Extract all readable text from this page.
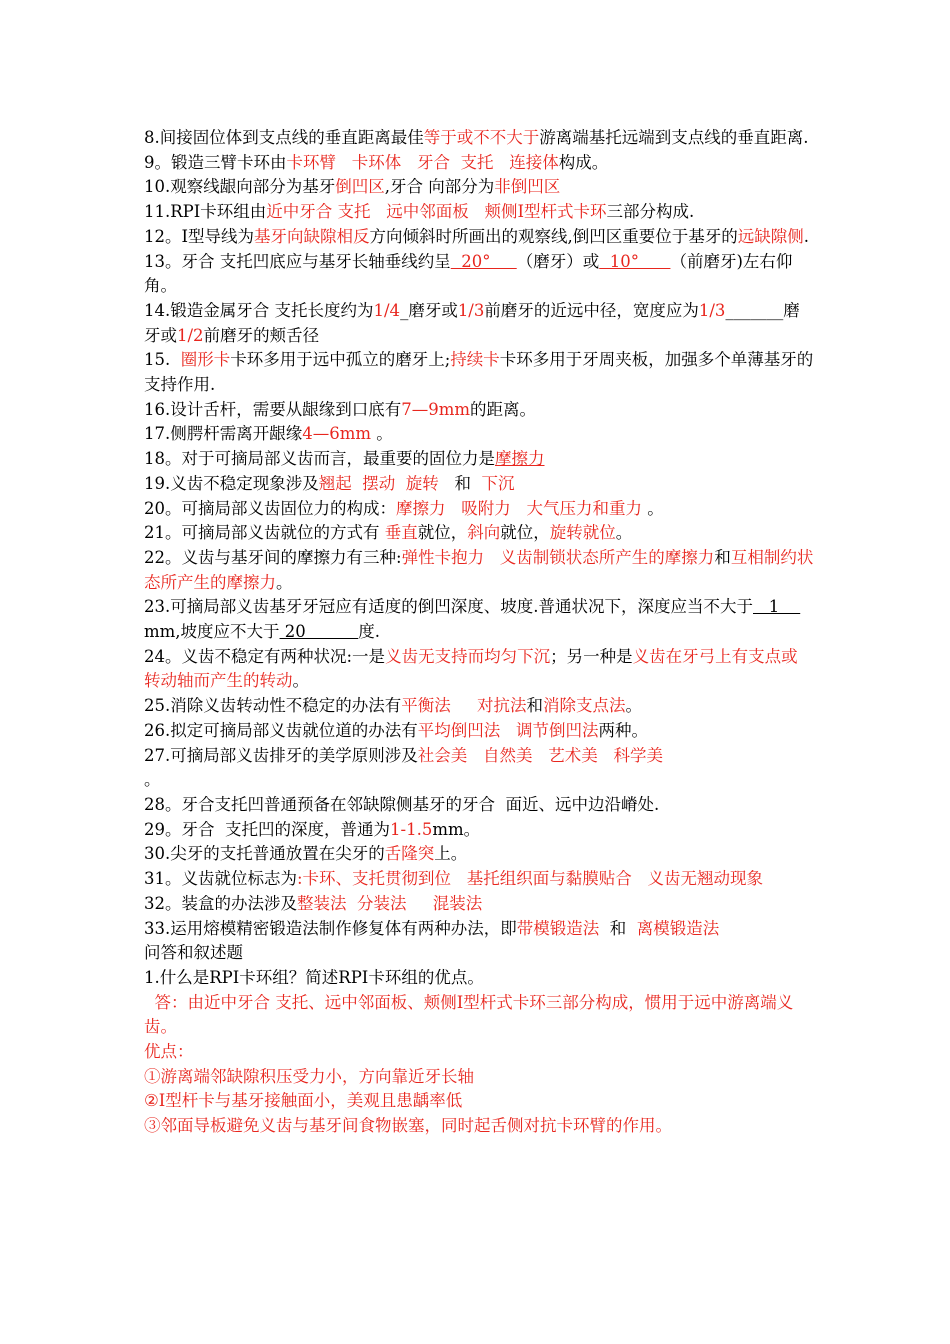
8.间接固位体到支点线的垂直距离最佳等于或不不大于游离端基托远端到支点线的垂直距离.
9。锻造三臂卡环由卡环臂   卡环体   牙合  支托   连接体构成。
10.观察线龈向部分为基牙倒凹区,牙合 向部分为非倒凹区
11.RPI卡环组由近中牙合 支托   远中邻面板   颊侧I型杆式卡环三部分构成.
12。I型导线为基牙向缺隙相反方向倾斜时所画出的观察线,倒凹区重要位于基牙的远缺隙侧.
13。牙合 支托凹底应与基牙长轴垂线约呈  20°     （磨牙）或  10°      （前磨牙)左右仰角。
14.锻造金属牙合 支托长度约为1/4_磨牙或1/3前磨牙的近远中径，宽度应为1/3_______磨牙或1/2前磨牙的颊舌径
15.  圈形卡卡环多用于远中孤立的磨牙上;持续卡卡环多用于牙周夹板，加强多个单薄基牙的支持作用.
16.设计舌杆，需要从龈缘到口底有7—9mm的距离。
17.侧腭杆需离开龈缘4—6mm 。
18。对于可摘局部义齿而言，最重要的固位力是摩擦力
19.义齿不稳定现象涉及翘起  摆动  旋转   和  下沉
20。可摘局部义齿固位力的构成：摩擦力   吸附力   大气压力和重力 。
21。可摘局部义齿就位的方式有 垂直就位，斜向就位，旋转就位。
22。义齿与基牙间的摩擦力有三种:弹性卡抱力   义齿制锁状态所产生的摩擦力和互相制约状态所产生的摩擦力。
23.可摘局部义齿基牙牙冠应有适度的倒凹深度、坡度.普通状况下，深度应当不大于   1    mm,坡度应不大于 20          度.
24。义齿不稳定有两种状况:一是义齿无支持而均匀下沉；另一种是义齿在牙弓上有支点或转动轴而产生的转动。
25.消除义齿转动性不稳定的办法有平衡法 对抗法和消除支点法。
26.拟定可摘局部义齿就位道的办法有平均倒凹法   调节倒凹法两种。
27.可摘局部义齿排牙的美学原则涉及社会美   自然美   艺术美   科学美
。
28。牙合支托凹普通预备在邻缺隙侧基牙的牙合  面近、远中边沿嵴处.
29。牙合  支托凹的深度，普通为1-1.5mm。
30.尖牙的支托普通放置在尖牙的舌隆突上。
31。义齿就位标志为:卡环、支托贯彻到位   基托组织面与黏膜贴合   义齿无翘动现象
32。装盒的办法涉及整装法  分装法     混装法
33.运用熔模精密锻造法制作修复体有两种办法，即带模锻造法  和  离模锻造法
问答和叙述题
1.什么是RPI卡环组？简述RPI卡环组的优点。
答：由近中牙合 支托、远中邻面板、颊侧I型杆式卡环三部分构成，惯用于远中游离端义齿。
优点：
①游离端邻缺隙积压受力小，方向靠近牙长轴
②I型杆卡与基牙接触面小，美观且患龋率低
③邻面导板避免义齿与基牙间食物嵌塞，同时起舌侧对抗卡环臂的作用。
